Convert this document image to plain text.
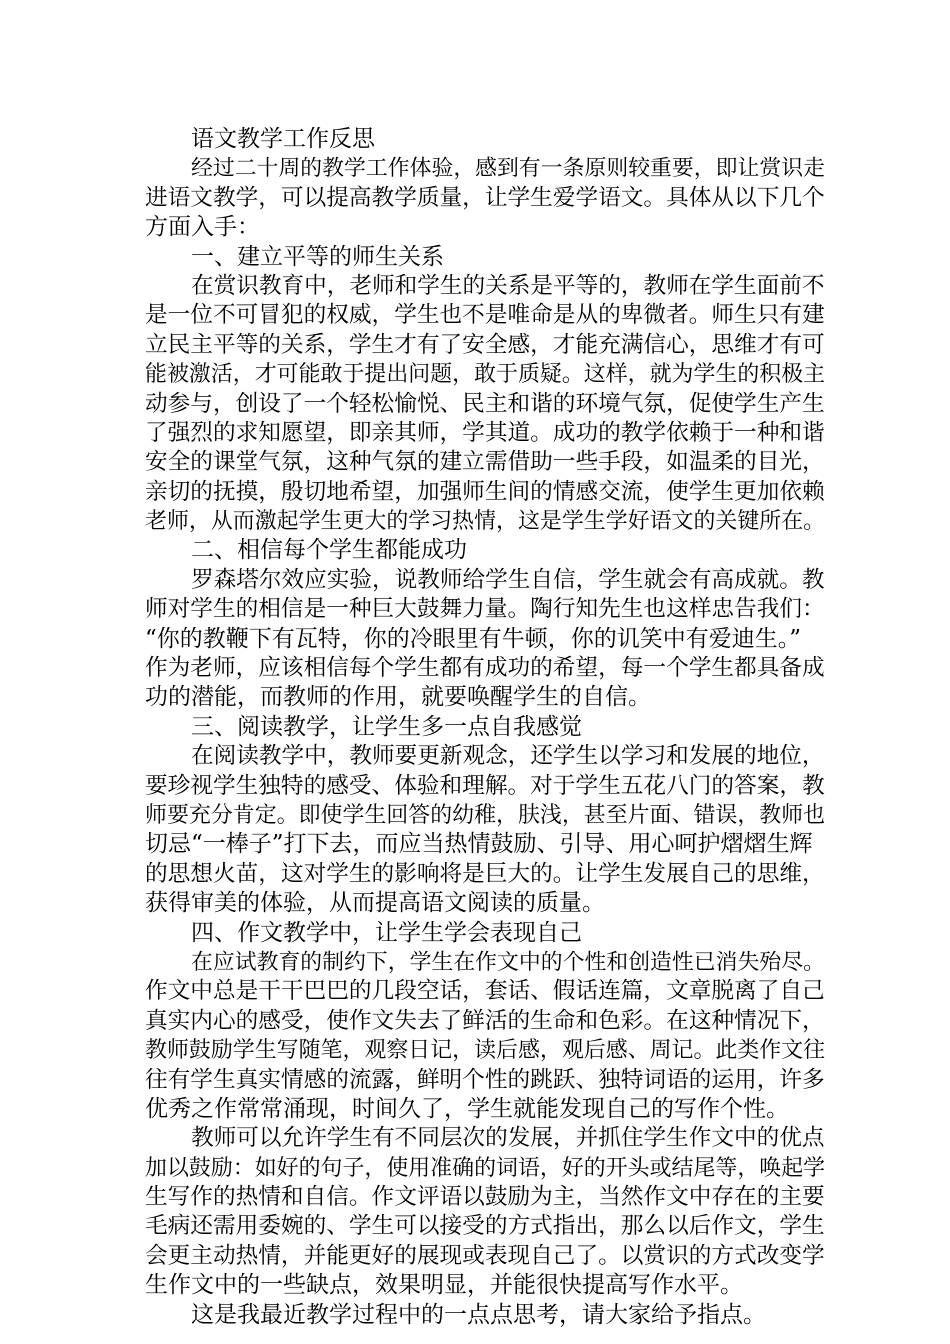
语文教学工作反思
经过二十周的教学工作体验，感到有一条原则较重要，即让赏识走
进语文教学，可以提高教学质量，让学生爱学语文。具体从以下几个
方面入手：
一、建立平等的师生关系
在赏识教育中，老师和学生的关系是平等的，教师在学生面前不
是一位不可冒犯的权威，学生也不是唯命是从的卑微者。师生只有建
立民主平等的关系，学生才有了安全感，才能充满信心，思维才有可
能被激活，才可能敢于提出问题，敢于质疑。这样，就为学生的积极主
动参与，创设了一个轻松愉悦、民主和谐的环境气氛，促使学生产生
了强烈的求知愿望，即亲其师，学其道。成功的教学依赖于一种和谐
安全的课堂气氛，这种气氛的建立需借助一些手段，如温柔的目光，
亲切的抚摸，殷切地希望，加强师生间的情感交流，使学生更加依赖
老师，从而激起学生更大的学习热情，这是学生学好语文的关键所在。
二、相信每个学生都能成功
罗森塔尔效应实验，说教师给学生自信，学生就会有高成就。教
师对学生的相信是一种巨大鼓舞力量。陶行知先生也这样忠告我们：
“你的教鞭下有瓦特，你的冷眼里有牛顿，你的讥笑中有爱迪生。”
作为老师，应该相信每个学生都有成功的希望，每一个学生都具备成
功的潜能，而教师的作用，就要唤醒学生的自信。
三、阅读教学，让学生多一点自我感觉
在阅读教学中，教师要更新观念，还学生以学习和发展的地位，
要珍视学生独特的感受、体验和理解。对于学生五花八门的答案，教
师要充分肯定。即使学生回答的幼稚，肤浅，甚至片面、错误，教师也
切忌“一棒子”打下去，而应当热情鼓励、引导、用心呵护熠熠生辉
的思想火苗，这对学生的影响将是巨大的。让学生发展自己的思维，
获得审美的体验，从而提高语文阅读的质量。
四、作文教学中，让学生学会表现自己
在应试教育的制约下，学生在作文中的个性和创造性已消失殆尽。
作文中总是干干巴巴的几段空话，套话、假话连篇，文章脱离了自己
真实内心的感受，使作文失去了鲜活的生命和色彩。在这种情况下，
教师鼓励学生写随笔，观察日记，读后感，观后感、周记。此类作文往
往有学生真实情感的流露，鲜明个性的跳跃、独特词语的运用，许多
优秀之作常常涌现，时间久了，学生就能发现自己的写作个性。
教师可以允许学生有不同层次的发展，并抓住学生作文中的优点
加以鼓励：如好的句子，使用准确的词语，好的开头或结尾等，唤起学
生写作的热情和自信。作文评语以鼓励为主，当然作文中存在的主要
毛病还需用委婉的、学生可以接受的方式指出，那么以后作文，学生
会更主动热情，并能更好的展现或表现自己了。以赏识的方式改变学
生作文中的一些缺点，效果明显，并能很快提高写作水平。
这是我最近教学过程中的一点点思考，请大家给予指点。
